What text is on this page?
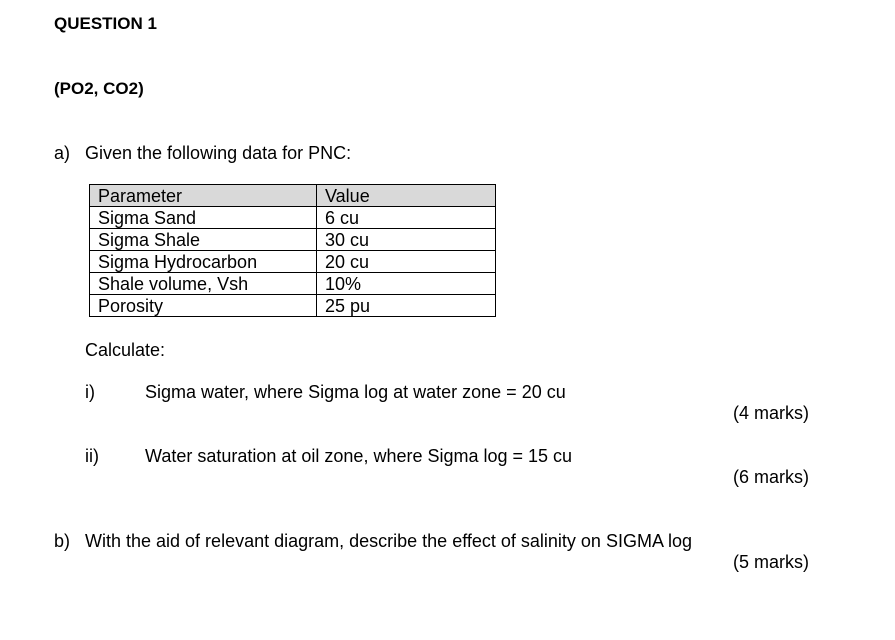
QUESTION 1
(PO2, CO2)
a) Given the following data for PNC:
Parameter	Value
Sigma Sand	6 cu
Sigma Shale	30 cu
Sigma Hydrocarbon	20 cu
Shale volume, Vsh	10%
Porosity	25 pu
Calculate:
i)	Sigma water, where Sigma log at water zone = 20 cu
(4 marks)
ii)	Water saturation at oil zone, where Sigma log = 15 cu
(6 marks)
b) With the aid of relevant diagram, describe the effect of salinity on SIGMA log
(5 marks)
